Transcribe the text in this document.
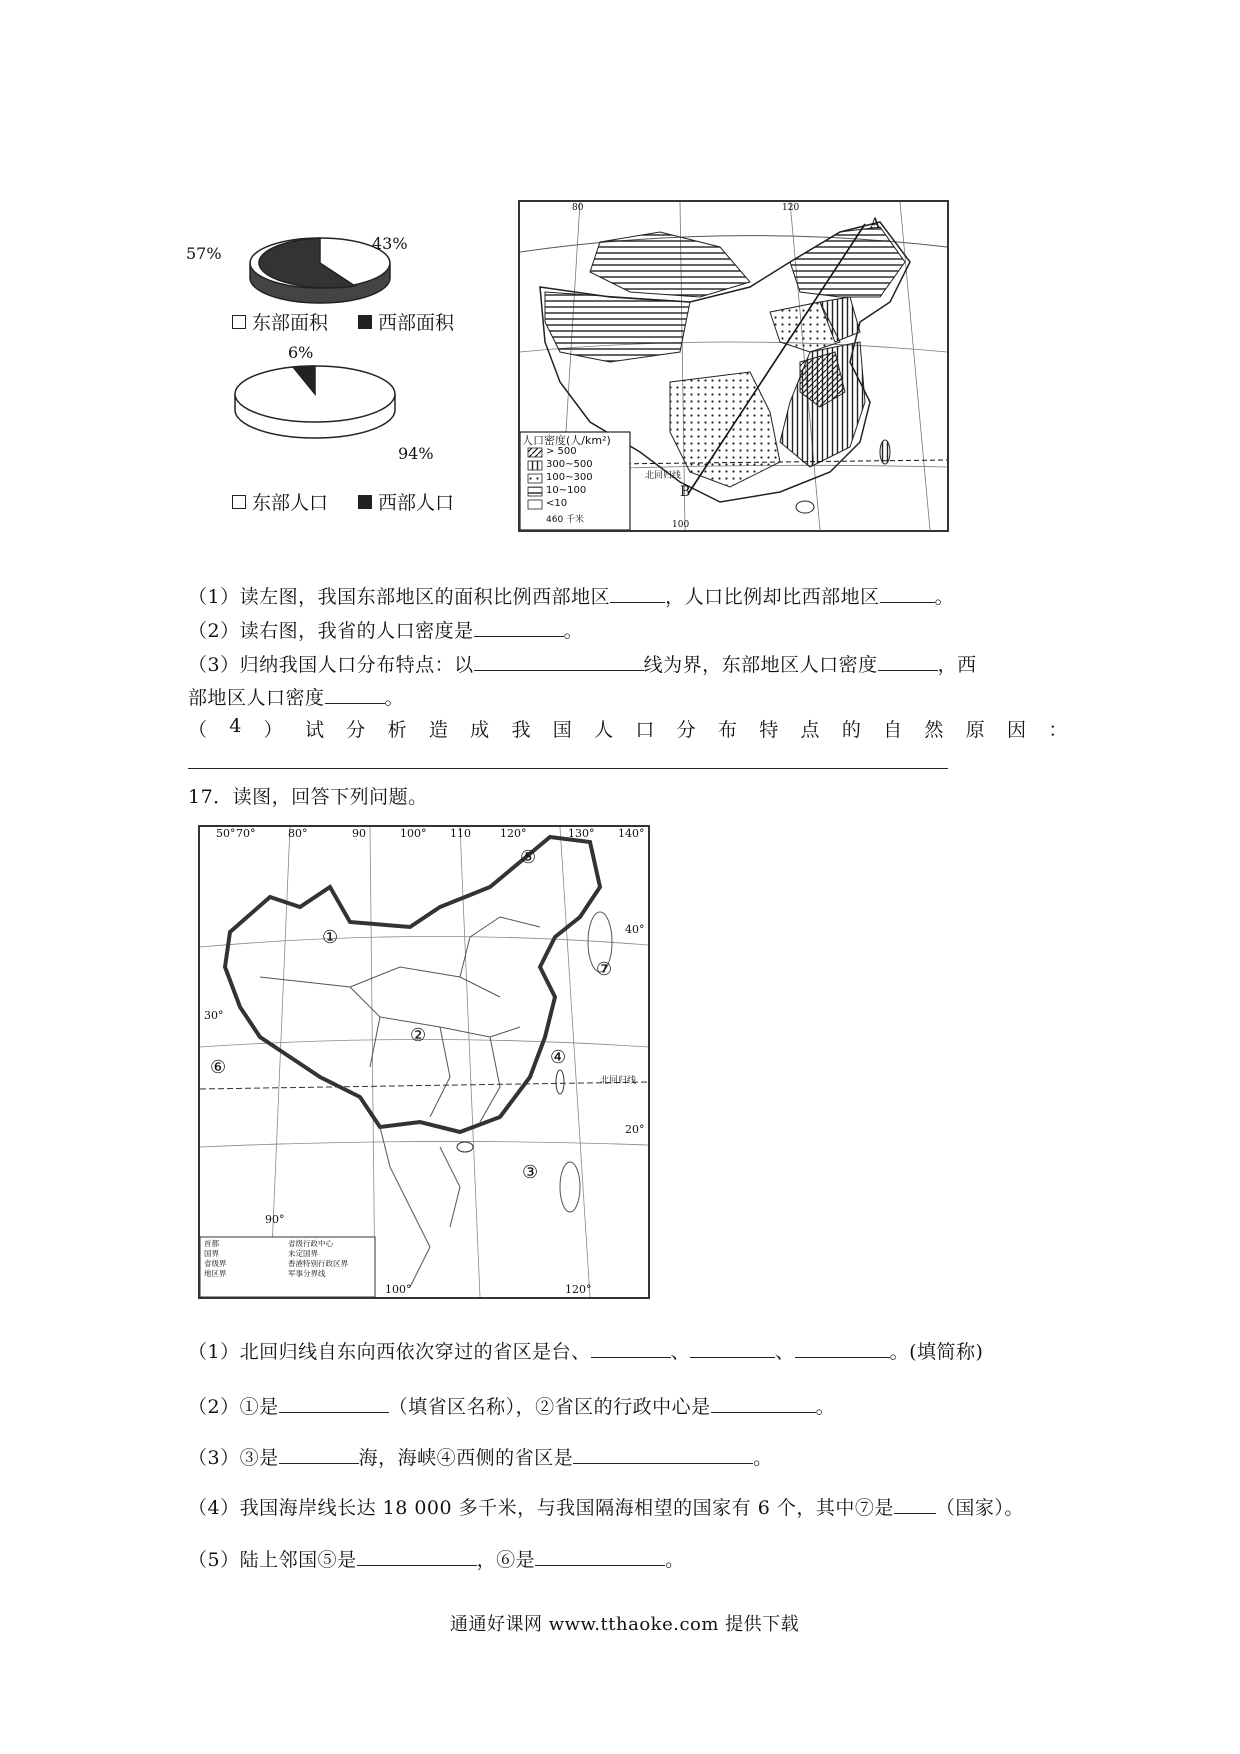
57%
43%
东部面积	西部面积
6%
94%
东部人口	西部人口
人口密度(人/km²)
> 500
300~500
100~300
10~100
<10
460 千米
A
B
北回归线
80
100
120
（1）读左图，我国东部地区的面积比例西部地区	，人口比例却比西部地区	。
（2）读右图，我省的人口密度是	。
（3）归纳我国人口分布特点：以	线为界，东部地区人口密度	，西
部地区人口密度	。
（ 4 ） 试 分 析 造 成 我 国 人 口 分 布 特 点 的 自 然 原 因 ：
17．读图，回答下列问题。
50° 70°	80°	90	100° 110	120°	130° 140°
40°
30°
20°
90°
100°	120°
北回归线
①
②
③
④
⑤
⑥
⑦
首都	省级行政中心
国界	未定国界
省级界	香港特别行政区界
地区界	军事分界线
（1）北回归线自东向西依次穿过的省区是台、	、	、	。(填简称)
（2）①是	（填省区名称），②省区的行政中心是	。
（3）③是	海，海峡④西侧的省区是	。
（4）我国海岸线长达 18 000 多千米，与我国隔海相望的国家有 6 个，其中⑦是 （国家）。
（5）陆上邻国⑤是	，⑥是	。
通通好课网 www.tthaoke.com 提供下载
